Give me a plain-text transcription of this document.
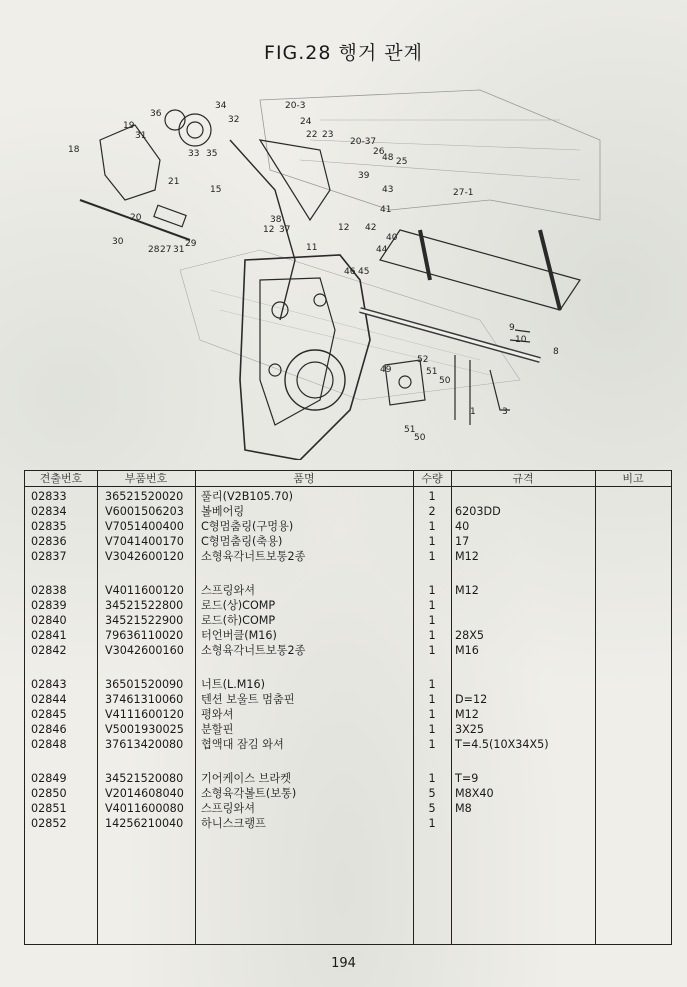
FIG.28 행거 관계
36
34
32
19
31
33 35
20-3
24
22 23
18
21
20-37
26
48 25
39
43
41
15
38
12 37	12
11
42
40
44
46 45
27-1
20
28 27 31
29
30
9
10
8
52
49	51
50
1	3
51
50
견출번호	부품번호	품명	수량	규격	비고
02833	36521520020 풀리(V2B105.70)	1
02834	V6001506203 볼베어링	2	6203DD
02835	V7051400400 C형멈춤링(구멍용)	1	40
02836	V7041400170 C형멈춤링(축용)	1	17
02837	V3042600120 소형육각너트보통2종	1	M12
02838	V4011600120 스프링와셔	1	M12
02839	34521522800 로드(상)COMP	1
02840	34521522900 로드(하)COMP	1
02841	79636110020 터언버클(M16)	1	28X5
02842	V3042600160 소형육각너트보통2종	1	M16
02843	36501520090 너트(L.M16)	1
02844	37461310060 텐션 보울트 멈춤핀	1	D=12
02845	V4111600120 평와셔	1	M12
02846	V5001930025 분할핀	1	3X25
02848	37613420080 협액대 잠김 와셔	1	T=4.5(10X34X5)
02849	34521520080 기어케이스 브라켓	1	T=9
02850	V2014608040 소형육각볼트(보통)	5	M8X40
02851	V4011600080 스프링와셔	5	M8
02852	14256210040 하니스크랭프	1
194
